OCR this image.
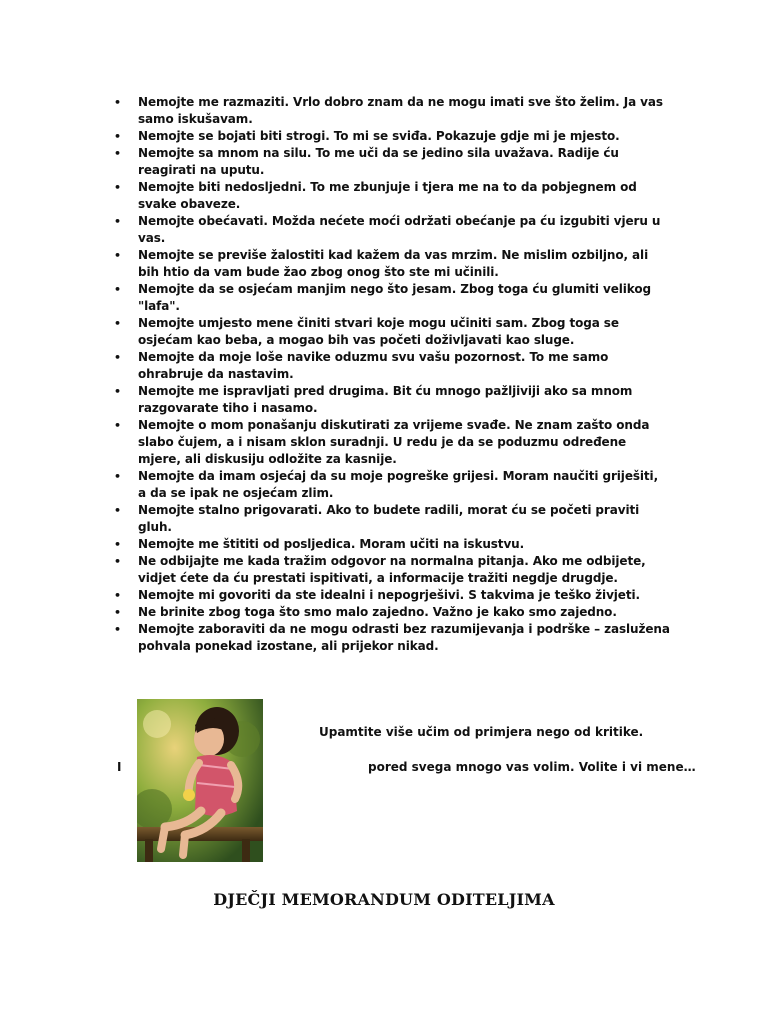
• Nemojte me razmaziti. Vrlo dobro znam da ne mogu imati sve što želim. Ja vas samo iskušavam.
• Nemojte se bojati biti strogi. To mi se sviđa. Pokazuje gdje mi je mjesto.
• Nemojte sa mnom na silu. To me uči da se jedino sila uvažava. Radije ću reagirati na uputu.
• Nemojte biti nedosljedni. To me zbunjuje i tjera me na to da pobjegnem od svake obaveze.
• Nemojte obećavati. Možda nećete moći održati obećanje pa ću izgubiti vjeru u vas.
• Nemojte se previše žalostiti kad kažem da vas mrzim. Ne mislim ozbiljno, ali bih htio da vam bude žao zbog onog što ste mi učinili.
• Nemojte da se osjećam manjim nego što jesam. Zbog toga ću glumiti velikog "lafa".
• Nemojte umjesto mene činiti stvari koje mogu učiniti sam. Zbog toga se osjećam kao beba, a mogao bih vas početi doživljavati kao sluge.
• Nemojte da moje loše navike oduzmu svu vašu pozornost. To me samo ohrabruje da nastavim.
• Nemojte me ispravljati pred drugima. Bit ću mnogo pažljiviji ako sa mnom razgovarate tiho i nasamo.
• Nemojte o mom ponašanju diskutirati za vrijeme svađe. Ne znam zašto onda slabo čujem, a i nisam sklon suradnji. U redu je da se poduzmu određene mjere, ali diskusiju odložite za kasnije.
• Nemojte da imam osjećaj da su moje pogreške grijesi. Moram naučiti griješiti, a da se ipak ne osjećam zlim.
• Nemojte stalno prigovarati. Ako to budete radili, morat ću se početi praviti gluh.
• Nemojte me štititi od posljedica. Moram učiti na iskustvu.
• Ne odbijajte me kada tražim odgovor na normalna pitanja. Ako me odbijete, vidjet ćete da ću prestati ispitivati, a informacije tražiti negdje drugdje.
• Nemojte mi govoriti da ste idealni i nepogrješivi. S takvima je teško živjeti.
• Ne brinite zbog toga što smo malo zajedno. Važno je kako smo zajedno.
• Nemojte zaboraviti da ne mogu odrasti bez razumijevanja i podrške – zaslužena pohvala ponekad izostane, ali prijekor nikad.
Upamtite više učim od primjera nego od kritike.
I	pored svega mnogo vas volim. Volite i vi mene…
DJEČJI MEMORANDUM ODITELJIMA
